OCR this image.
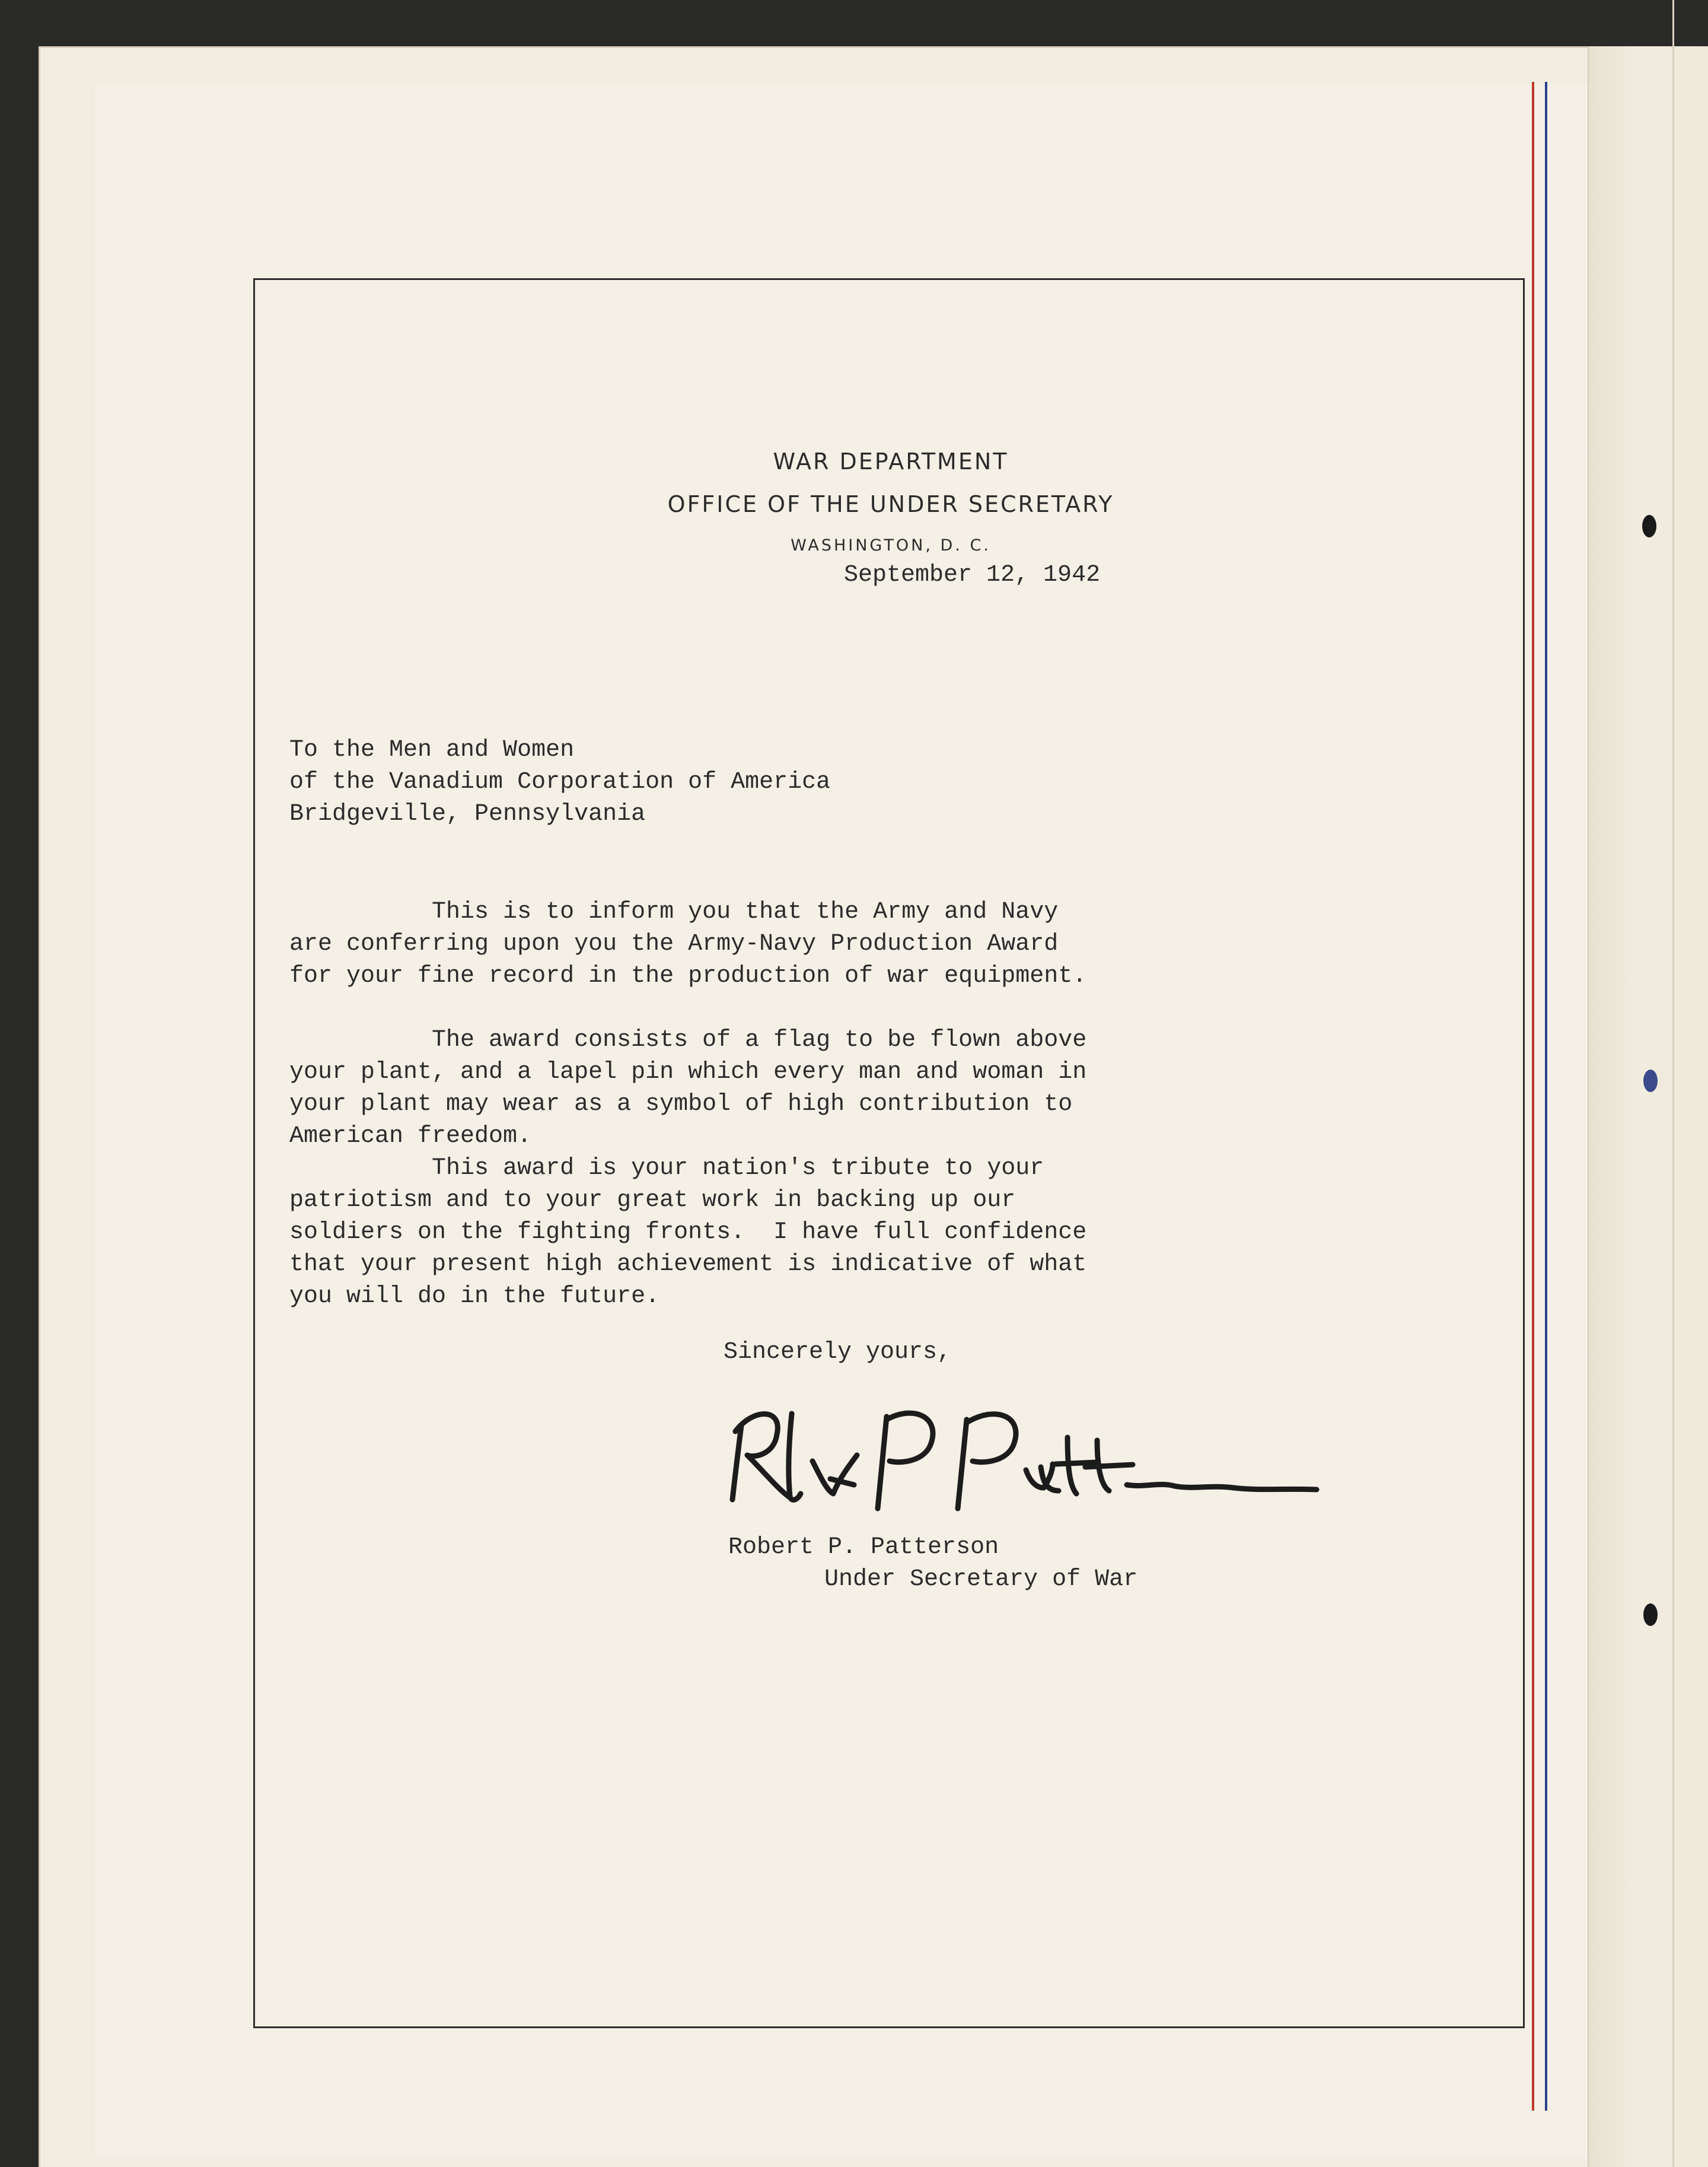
WAR DEPARTMENT
OFFICE OF THE UNDER SECRETARY
WASHINGTON, D. C.

September 12, 1942

To the Men and Women
of the Vanadium Corporation of America
Bridgeville, Pennsylvania
This is to inform you that the Army and Navy
are conferring upon you the Army-Navy Production Award
for your fine record in the production of war equipment.
The award consists of a flag to be flown above
your plant, and a lapel pin which every man and woman in
your plant may wear as a symbol of high contribution to
American freedom.
This award is your nation's tribute to your
patriotism and to your great work in backing up our
soldiers on the fighting fronts.  I have full confidence
that your present high achievement is indicative of what
you will do in the future.

Sincerely yours,

Robert P. Patterson

Under Secretary of War
